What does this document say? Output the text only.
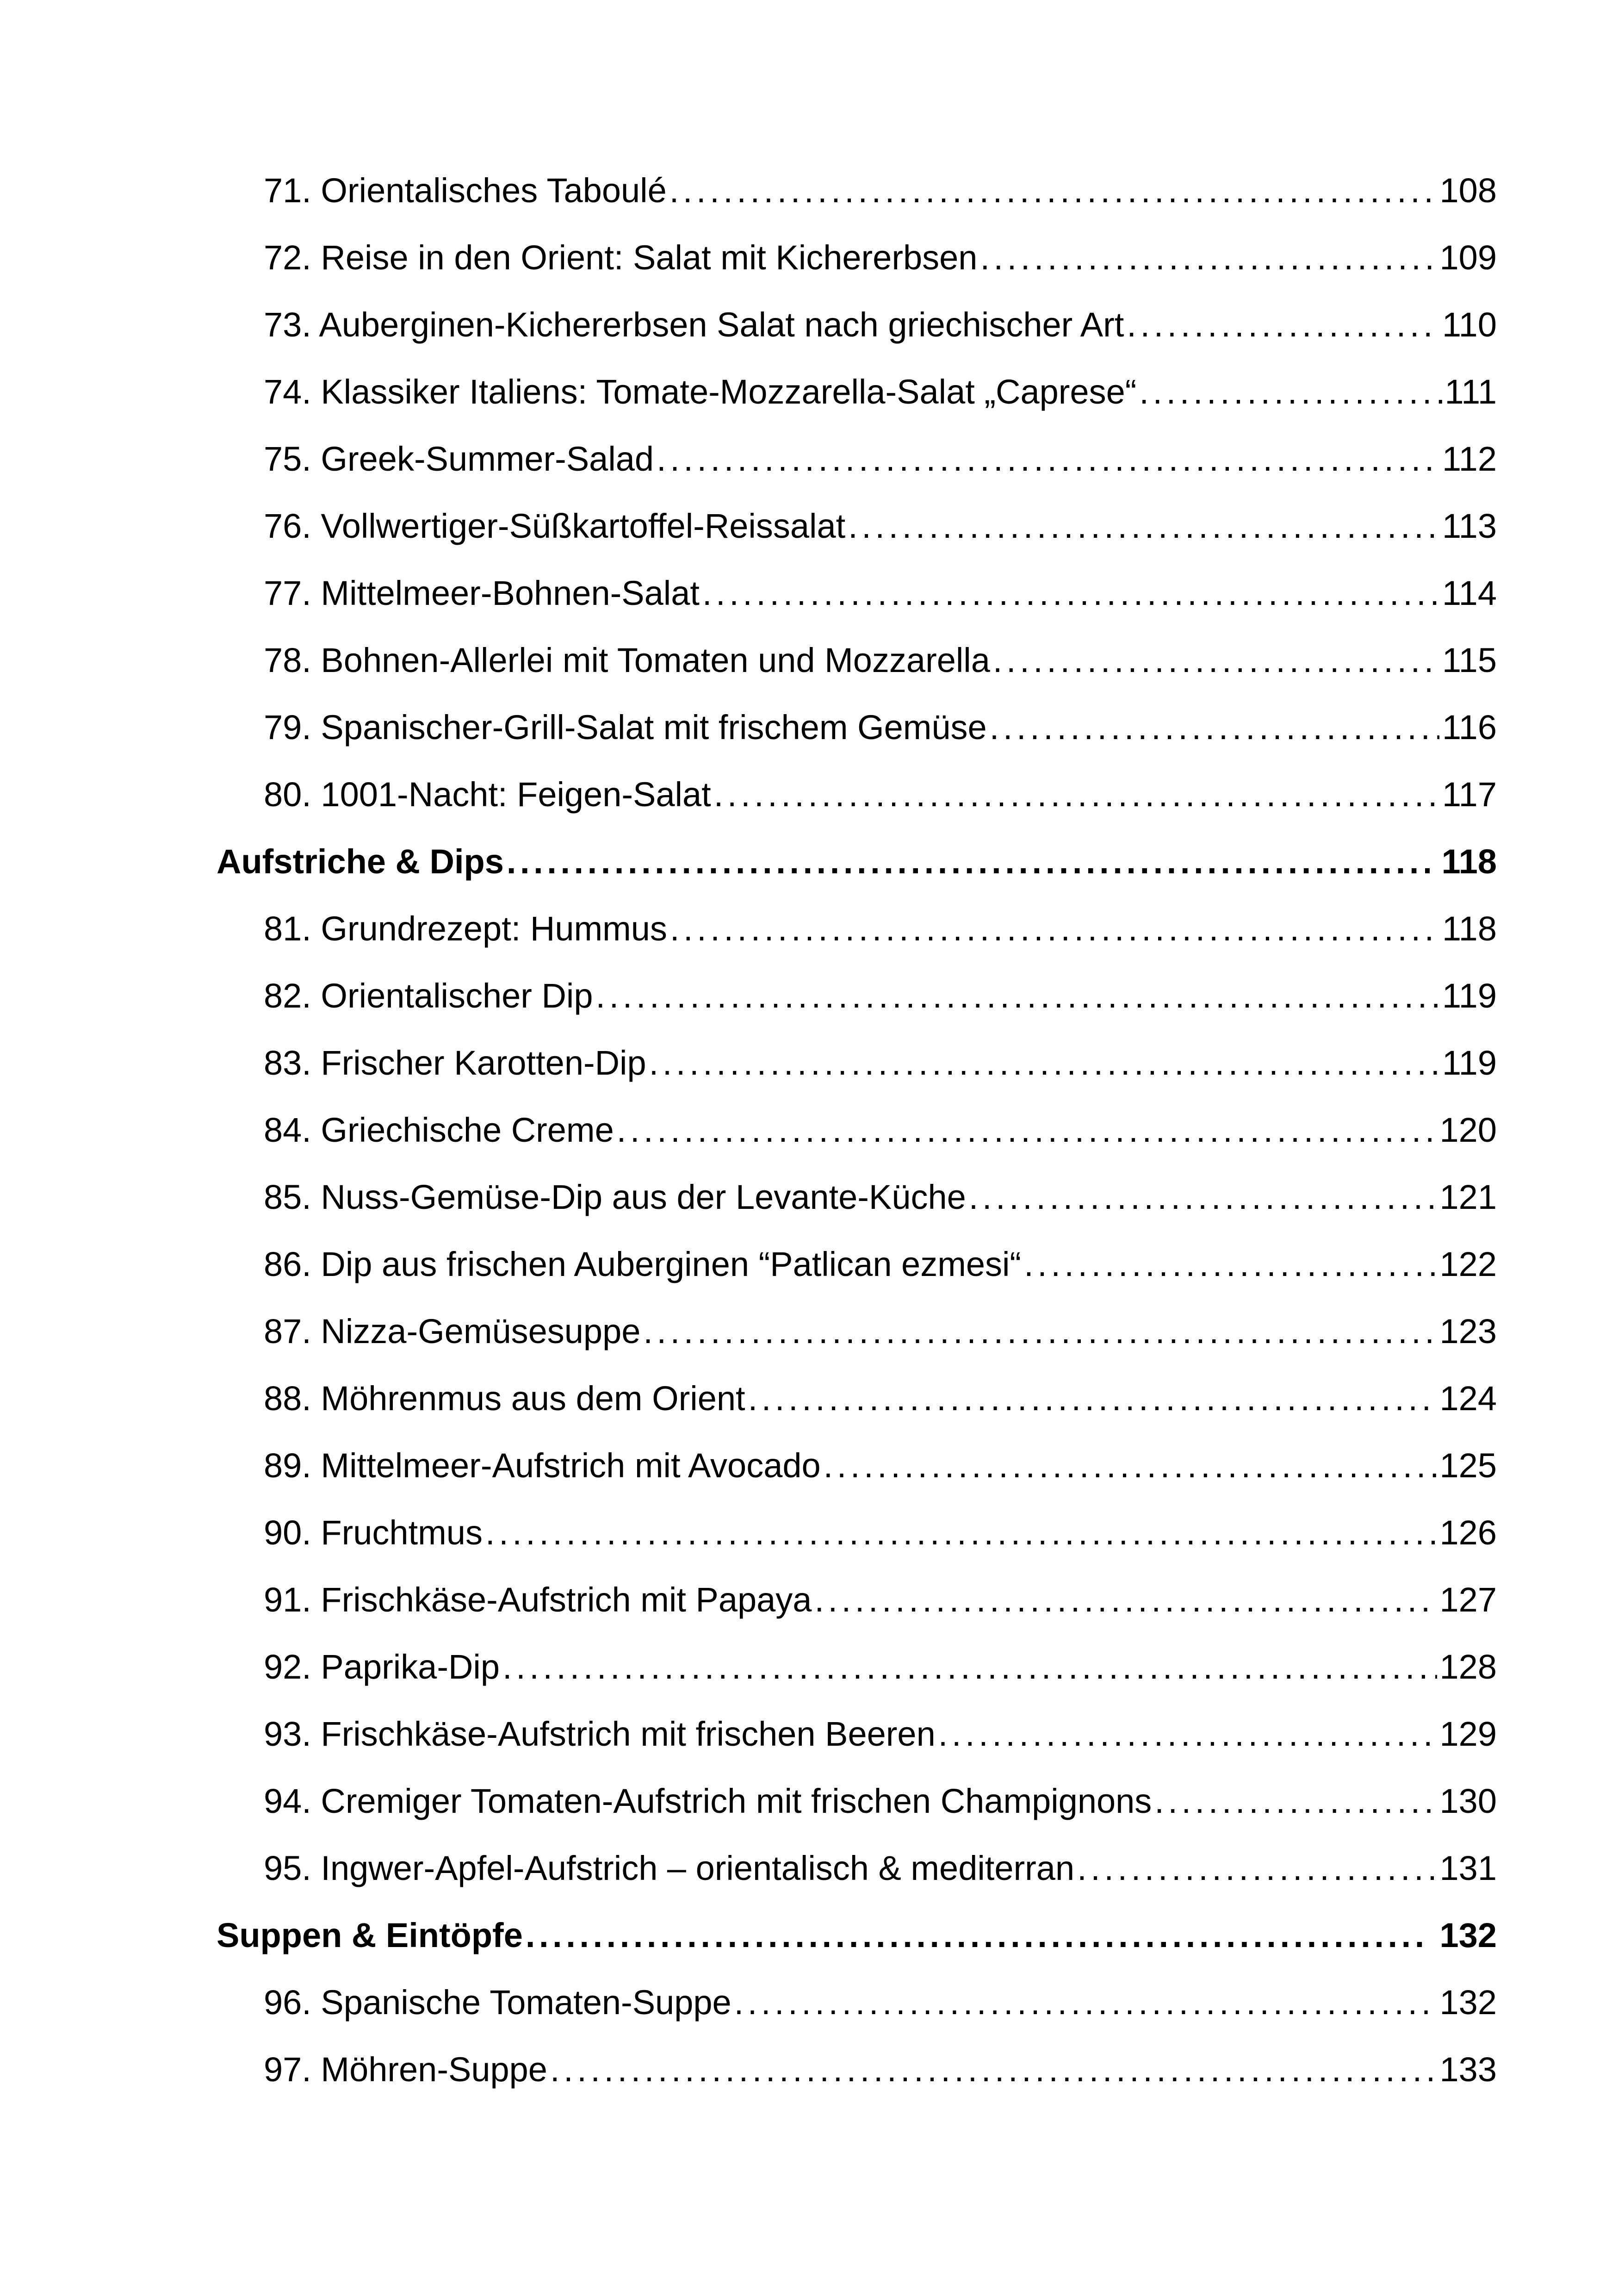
71. Orientalisches Taboulé . . .	108
72. Reise in den Orient: Salat mit Kichererbsen . . .	109
73. Auberginen-Kichererbsen Salat nach griechischer Art . . .	110
74. Klassiker Italiens: Tomate-Mozzarella-Salat „Caprese“ . . .	111
75. Greek-Summer-Salad . . .	112
76. Vollwertiger-Süßkartoffel-Reissalat . . .	113
77. Mittelmeer-Bohnen-Salat . . .	114
78. Bohnen-Allerlei mit Tomaten und Mozzarella . . .	115
79. Spanischer-Grill-Salat mit frischem Gemüse . . .	116
80. 1001-Nacht: Feigen-Salat . . .	117
Aufstriche & Dips . . .	118
81. Grundrezept: Hummus . . .	118
82. Orientalischer Dip . . .	119
83. Frischer Karotten-Dip . . .	119
84. Griechische Creme . . .	120
85. Nuss-Gemüse-Dip aus der Levante-Küche . . .	121
86. Dip aus frischen Auberginen “Patlican ezmesi“ . . .	122
87. Nizza-Gemüsesuppe . . .	123
88. Möhrenmus aus dem Orient . . .	124
89. Mittelmeer-Aufstrich mit Avocado . . .	125
90. Fruchtmus . . .	126
91. Frischkäse-Aufstrich mit Papaya . . .	127
92. Paprika-Dip . . .	128
93. Frischkäse-Aufstrich mit frischen Beeren . . .	129
94. Cremiger Tomaten-Aufstrich mit frischen Champignons . . .	130
95. Ingwer-Apfel-Aufstrich – orientalisch & mediterran . . .	131
Suppen & Eintöpfe . . .	132
96. Spanische Tomaten-Suppe . . .	132
97. Möhren-Suppe . . .	133
